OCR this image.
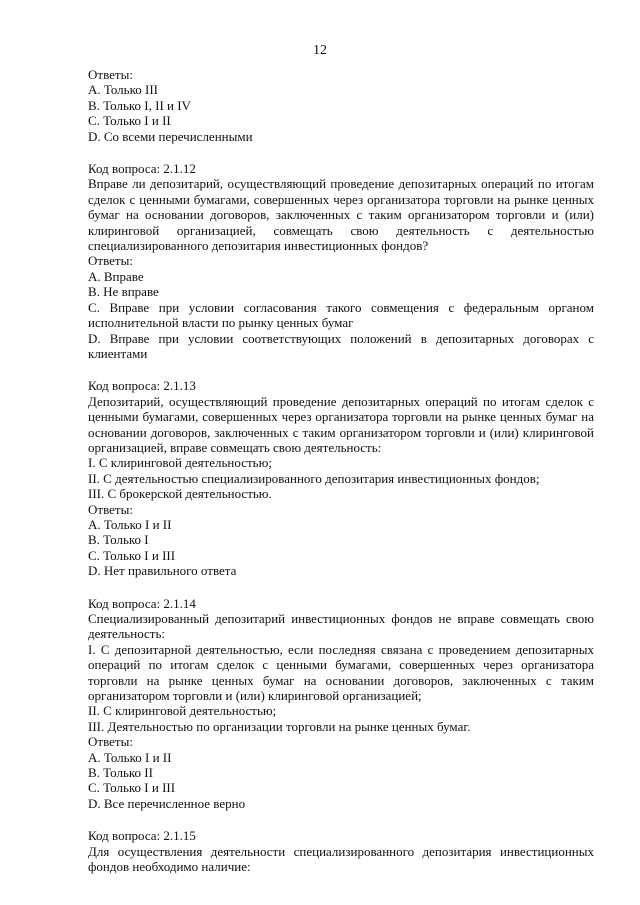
12
Ответы:
А. Только III
В. Только I, II и IV
С. Только I и II
D. Со всеми перечисленными
Код вопроса: 2.1.12
Вправе ли депозитарий, осуществляющий проведение депозитарных операций по итогам сделок с ценными бумагами, совершенных через организатора торговли на рынке ценных бумаг на основании договоров, заключенных с таким организатором торговли и (или) клиринговой организацией, совмещать свою деятельность с деятельностью специализированного депозитария инвестиционных фондов?
Ответы:
А. Вправе
В. Не вправе
С. Вправе при условии согласования такого совмещения с федеральным органом исполнительной власти по рынку ценных бумаг
D. Вправе при условии соответствующих положений в депозитарных договорах с клиентами
Код вопроса: 2.1.13
Депозитарий, осуществляющий проведение депозитарных операций по итогам сделок с ценными бумагами, совершенных через организатора торговли на рынке ценных бумаг на основании договоров, заключенных с таким организатором торговли и (или) клиринговой организацией, вправе совмещать свою деятельность:
I. С клиринговой деятельностью;
II. С деятельностью специализированного депозитария инвестиционных фондов;
III. С брокерской деятельностью.
Ответы:
А. Только I и II
В. Только I
С. Только I и III
D. Нет правильного ответа
Код вопроса: 2.1.14
Специализированный депозитарий инвестиционных фондов не вправе совмещать свою деятельность:
I. С депозитарной деятельностью, если последняя связана с проведением депозитарных операций по итогам сделок с ценными бумагами, совершенных через организатора торговли на рынке ценных бумаг на основании договоров, заключенных с таким организатором торговли и (или) клиринговой организацией;
II. С клиринговой деятельностью;
III. Деятельностью по организации торговли на рынке ценных бумаг.
Ответы:
А. Только I и II
В. Только II
С. Только I и III
D. Все перечисленное верно
Код вопроса: 2.1.15
Для осуществления деятельности специализированного депозитария инвестиционных фондов необходимо наличие:
